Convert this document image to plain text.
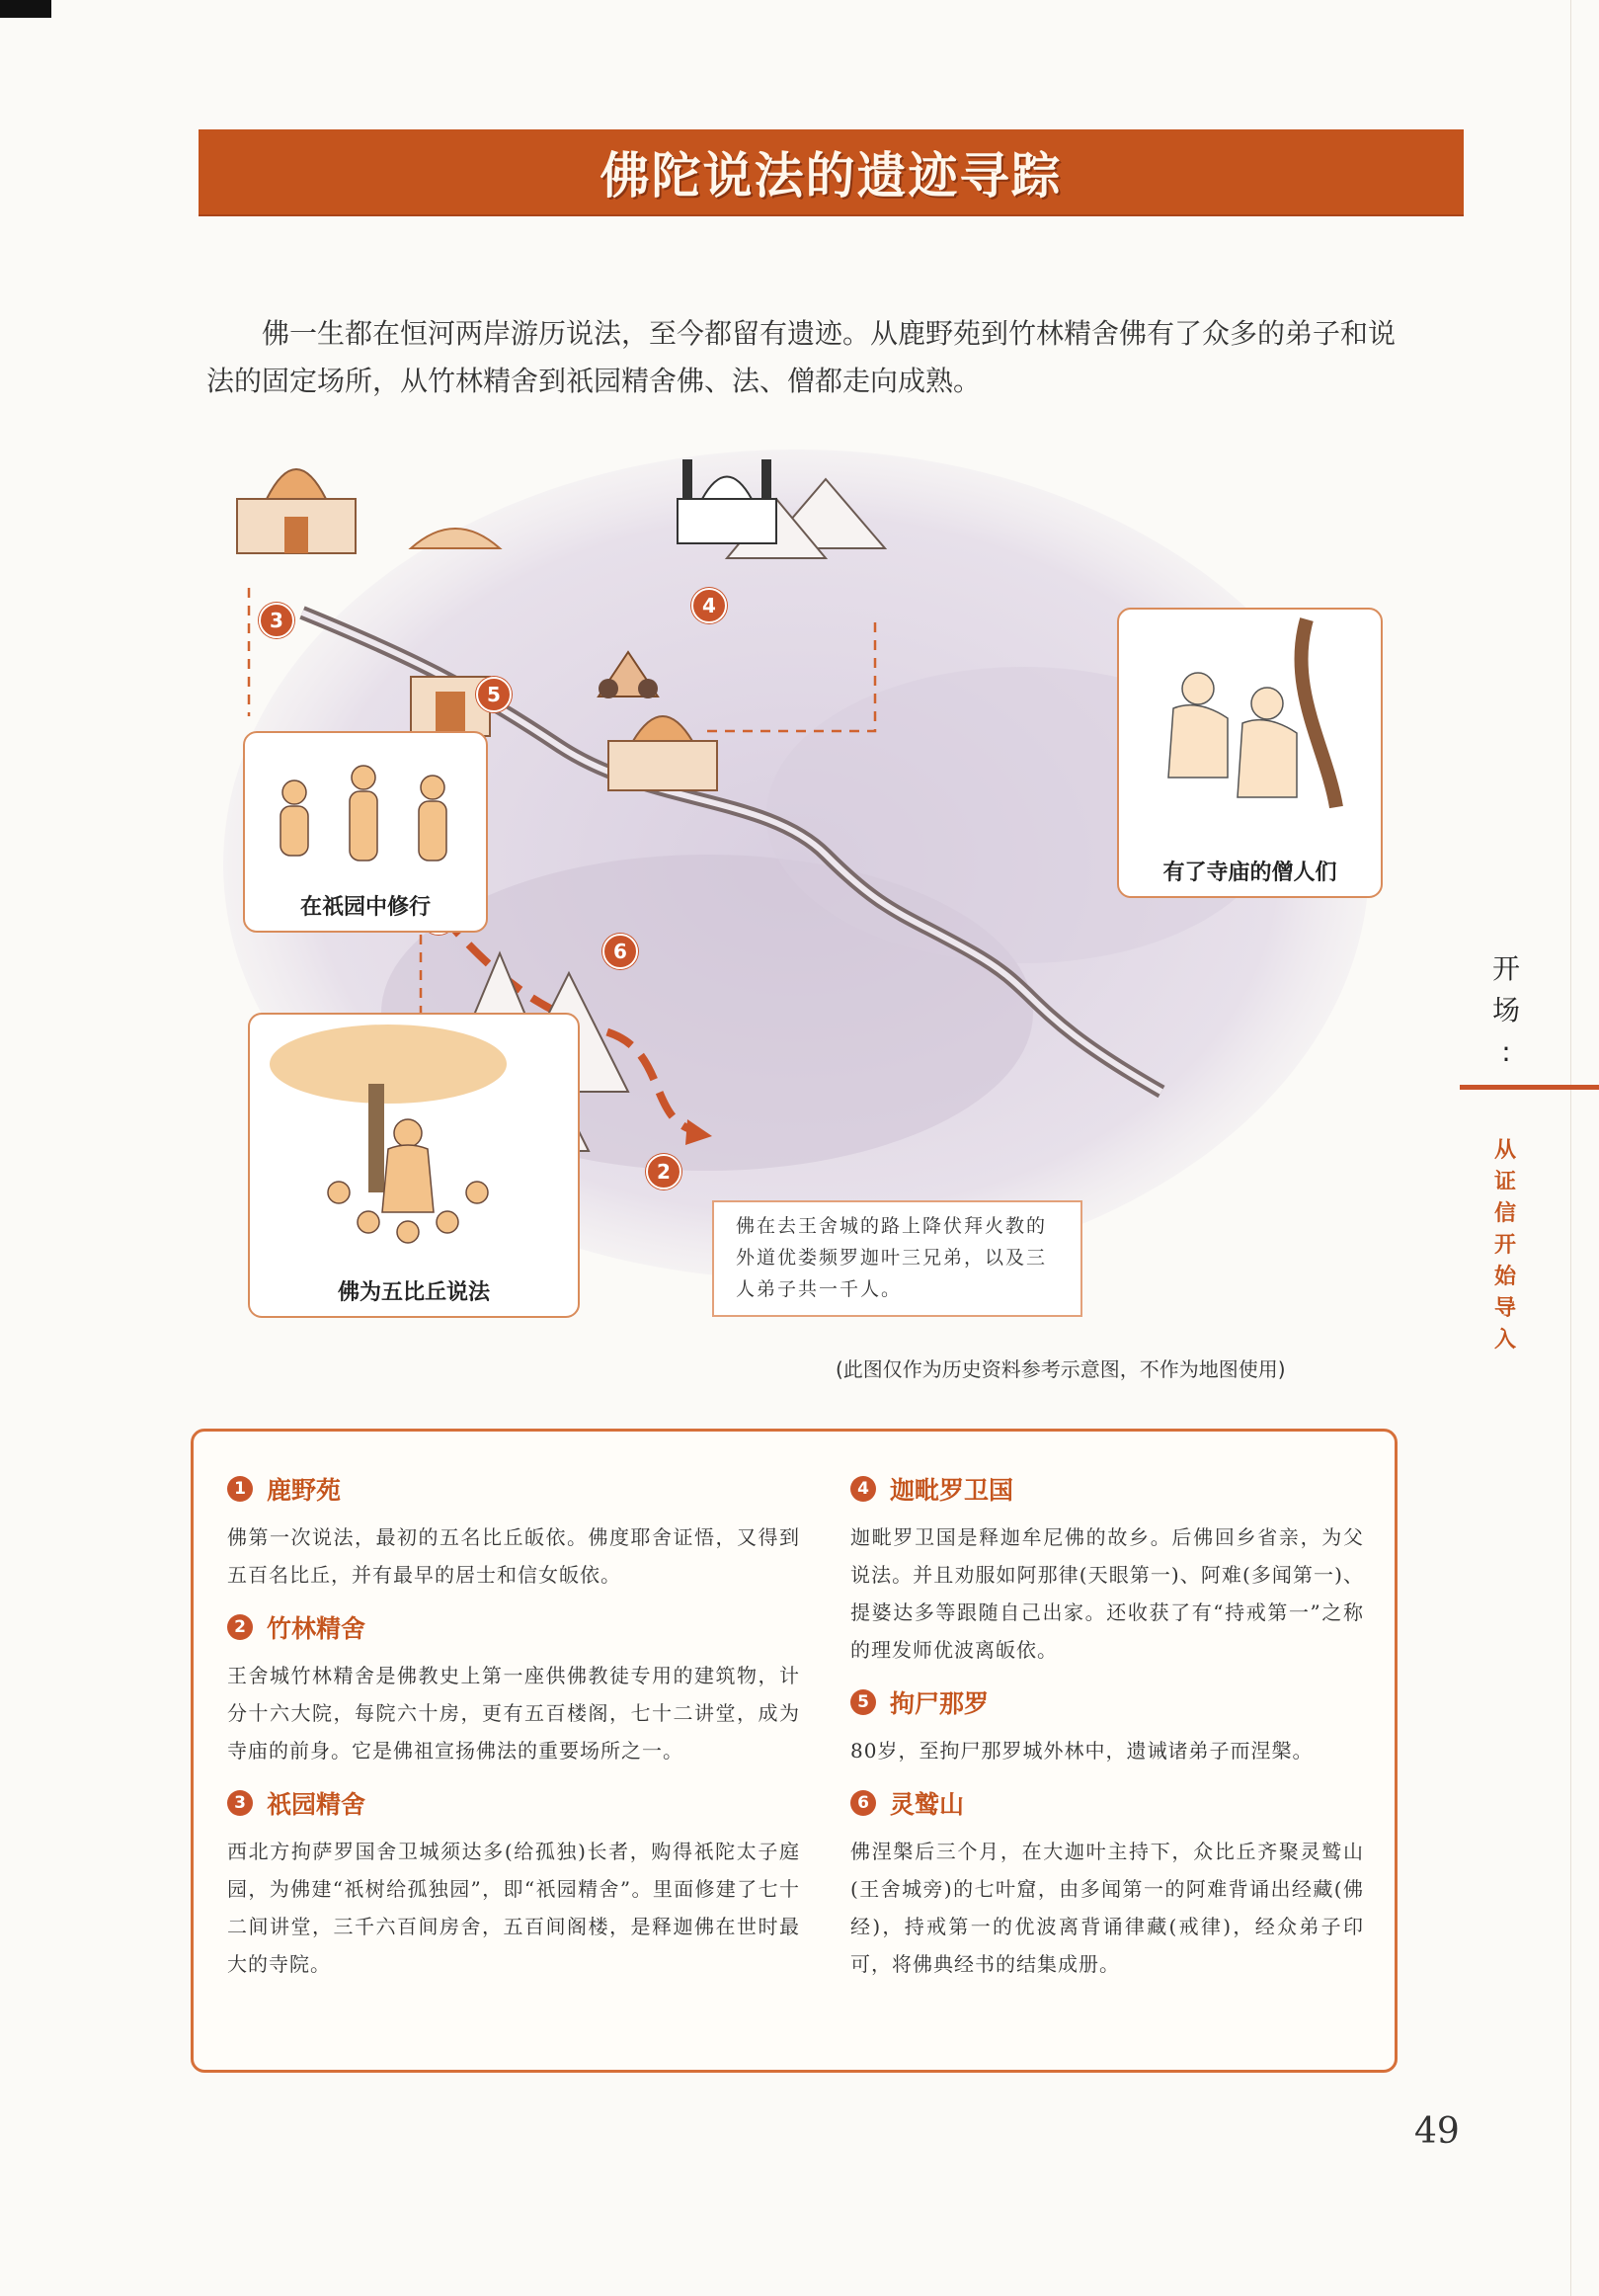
佛陀说法的遗迹寻踪

佛一生都在恒河两岸游历说法，至今都留有遗迹。从鹿野苑到竹林精舍佛有了众多的弟子和说法的固定场所，从竹林精舍到祇园精舍佛、法、僧都走向成熟。

3
4
5
6
2
在祇园中修行
有了寺庙的僧人们
佛为五比丘说法
佛在去王舍城的路上降伏拜火教的外道优娄频罗迦叶三兄弟，以及三人弟子共一千人。
(此图仅作为历史资料参考示意图，不作为地图使用)
1 鹿野苑
佛第一次说法，最初的五名比丘皈依。佛度耶舍证悟，又得到五百名比丘，并有最早的居士和信女皈依。
2 竹林精舍
王舍城竹林精舍是佛教史上第一座供佛教徒专用的建筑物，计分十六大院，每院六十房，更有五百楼阁，七十二讲堂，成为寺庙的前身。它是佛祖宣扬佛法的重要场所之一。
3 祇园精舍
西北方拘萨罗国舍卫城须达多(给孤独)长者，购得祇陀太子庭园，为佛建“祇树给孤独园”，即“祇园精舍”。里面修建了七十二间讲堂，三千六百间房舍，五百间阁楼，是释迦佛在世时最大的寺院。
4 迦毗罗卫国
迦毗罗卫国是释迦牟尼佛的故乡。后佛回乡省亲，为父说法。并且劝服如阿那律(天眼第一)、阿难(多闻第一)、提婆达多等跟随自己出家。还收获了有“持戒第一”之称的理发师优波离皈依。
5 拘尸那罗
80岁，至拘尸那罗城外林中，遗诫诸弟子而涅槃。
6 灵鹫山
佛涅槃后三个月，在大迦叶主持下，众比丘齐聚灵鹫山(王舍城旁)的七叶窟，由多闻第一的阿难背诵出经藏(佛经)，持戒第一的优波离背诵律藏(戒律)，经众弟子印可，将佛典经书的结集成册。
开
场
:
从
证
信
开
始
导
入
49
